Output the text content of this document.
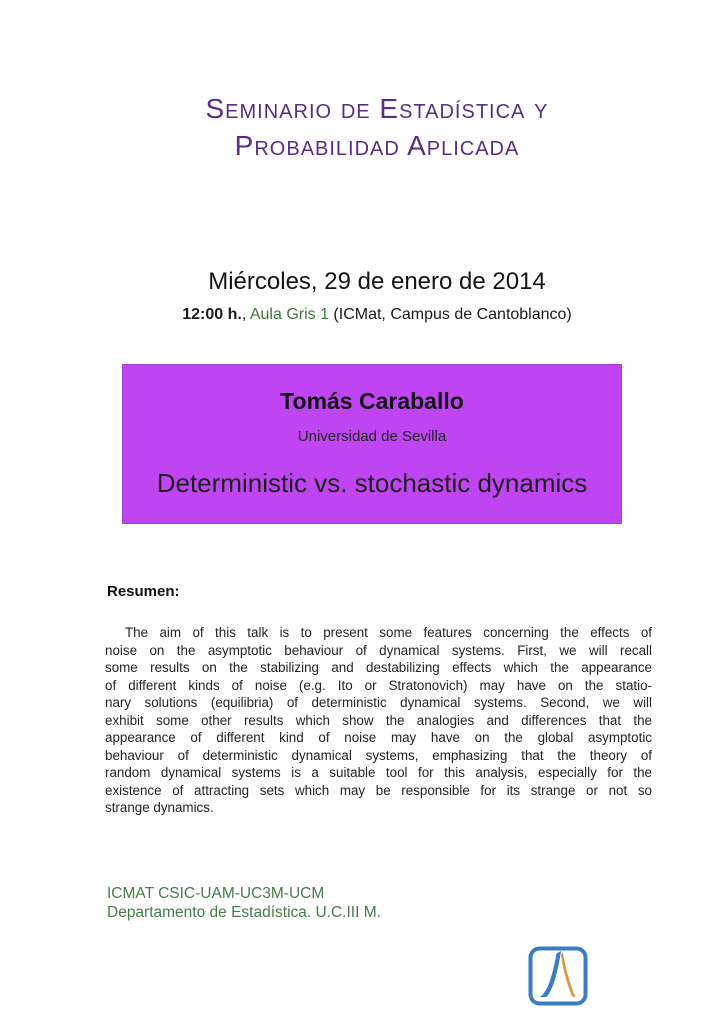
Seminario de Estadística y
Probabilidad Aplicada
Miércoles, 29 de enero de 2014
12:00 h., Aula Gris 1 (ICMat, Campus de Cantoblanco)
Tomás Caraballo
Universidad de Sevilla
Deterministic vs. stochastic dynamics
Resumen:
The aim of this talk is to present some features concerning the effects of
noise on the asymptotic behaviour of dynamical systems. First, we will recall
some results on the stabilizing and destabilizing effects which the appearance
of different kinds of noise (e.g. Ito or Stratonovich) may have on the statio-
nary solutions (equilibria) of deterministic dynamical systems. Second, we will
exhibit some other results which show the analogies and differences that the
appearance of different kind of noise may have on the global asymptotic
behaviour of deterministic dynamical systems, emphasizing that the theory of
random dynamical systems is a suitable tool for this analysis, especially for the
existence of attracting sets which may be responsible for its strange or not so
strange dynamics.
ICMAT CSIC-UAM-UC3M-UCM
Departamento de Estadística. U.C.III M.
